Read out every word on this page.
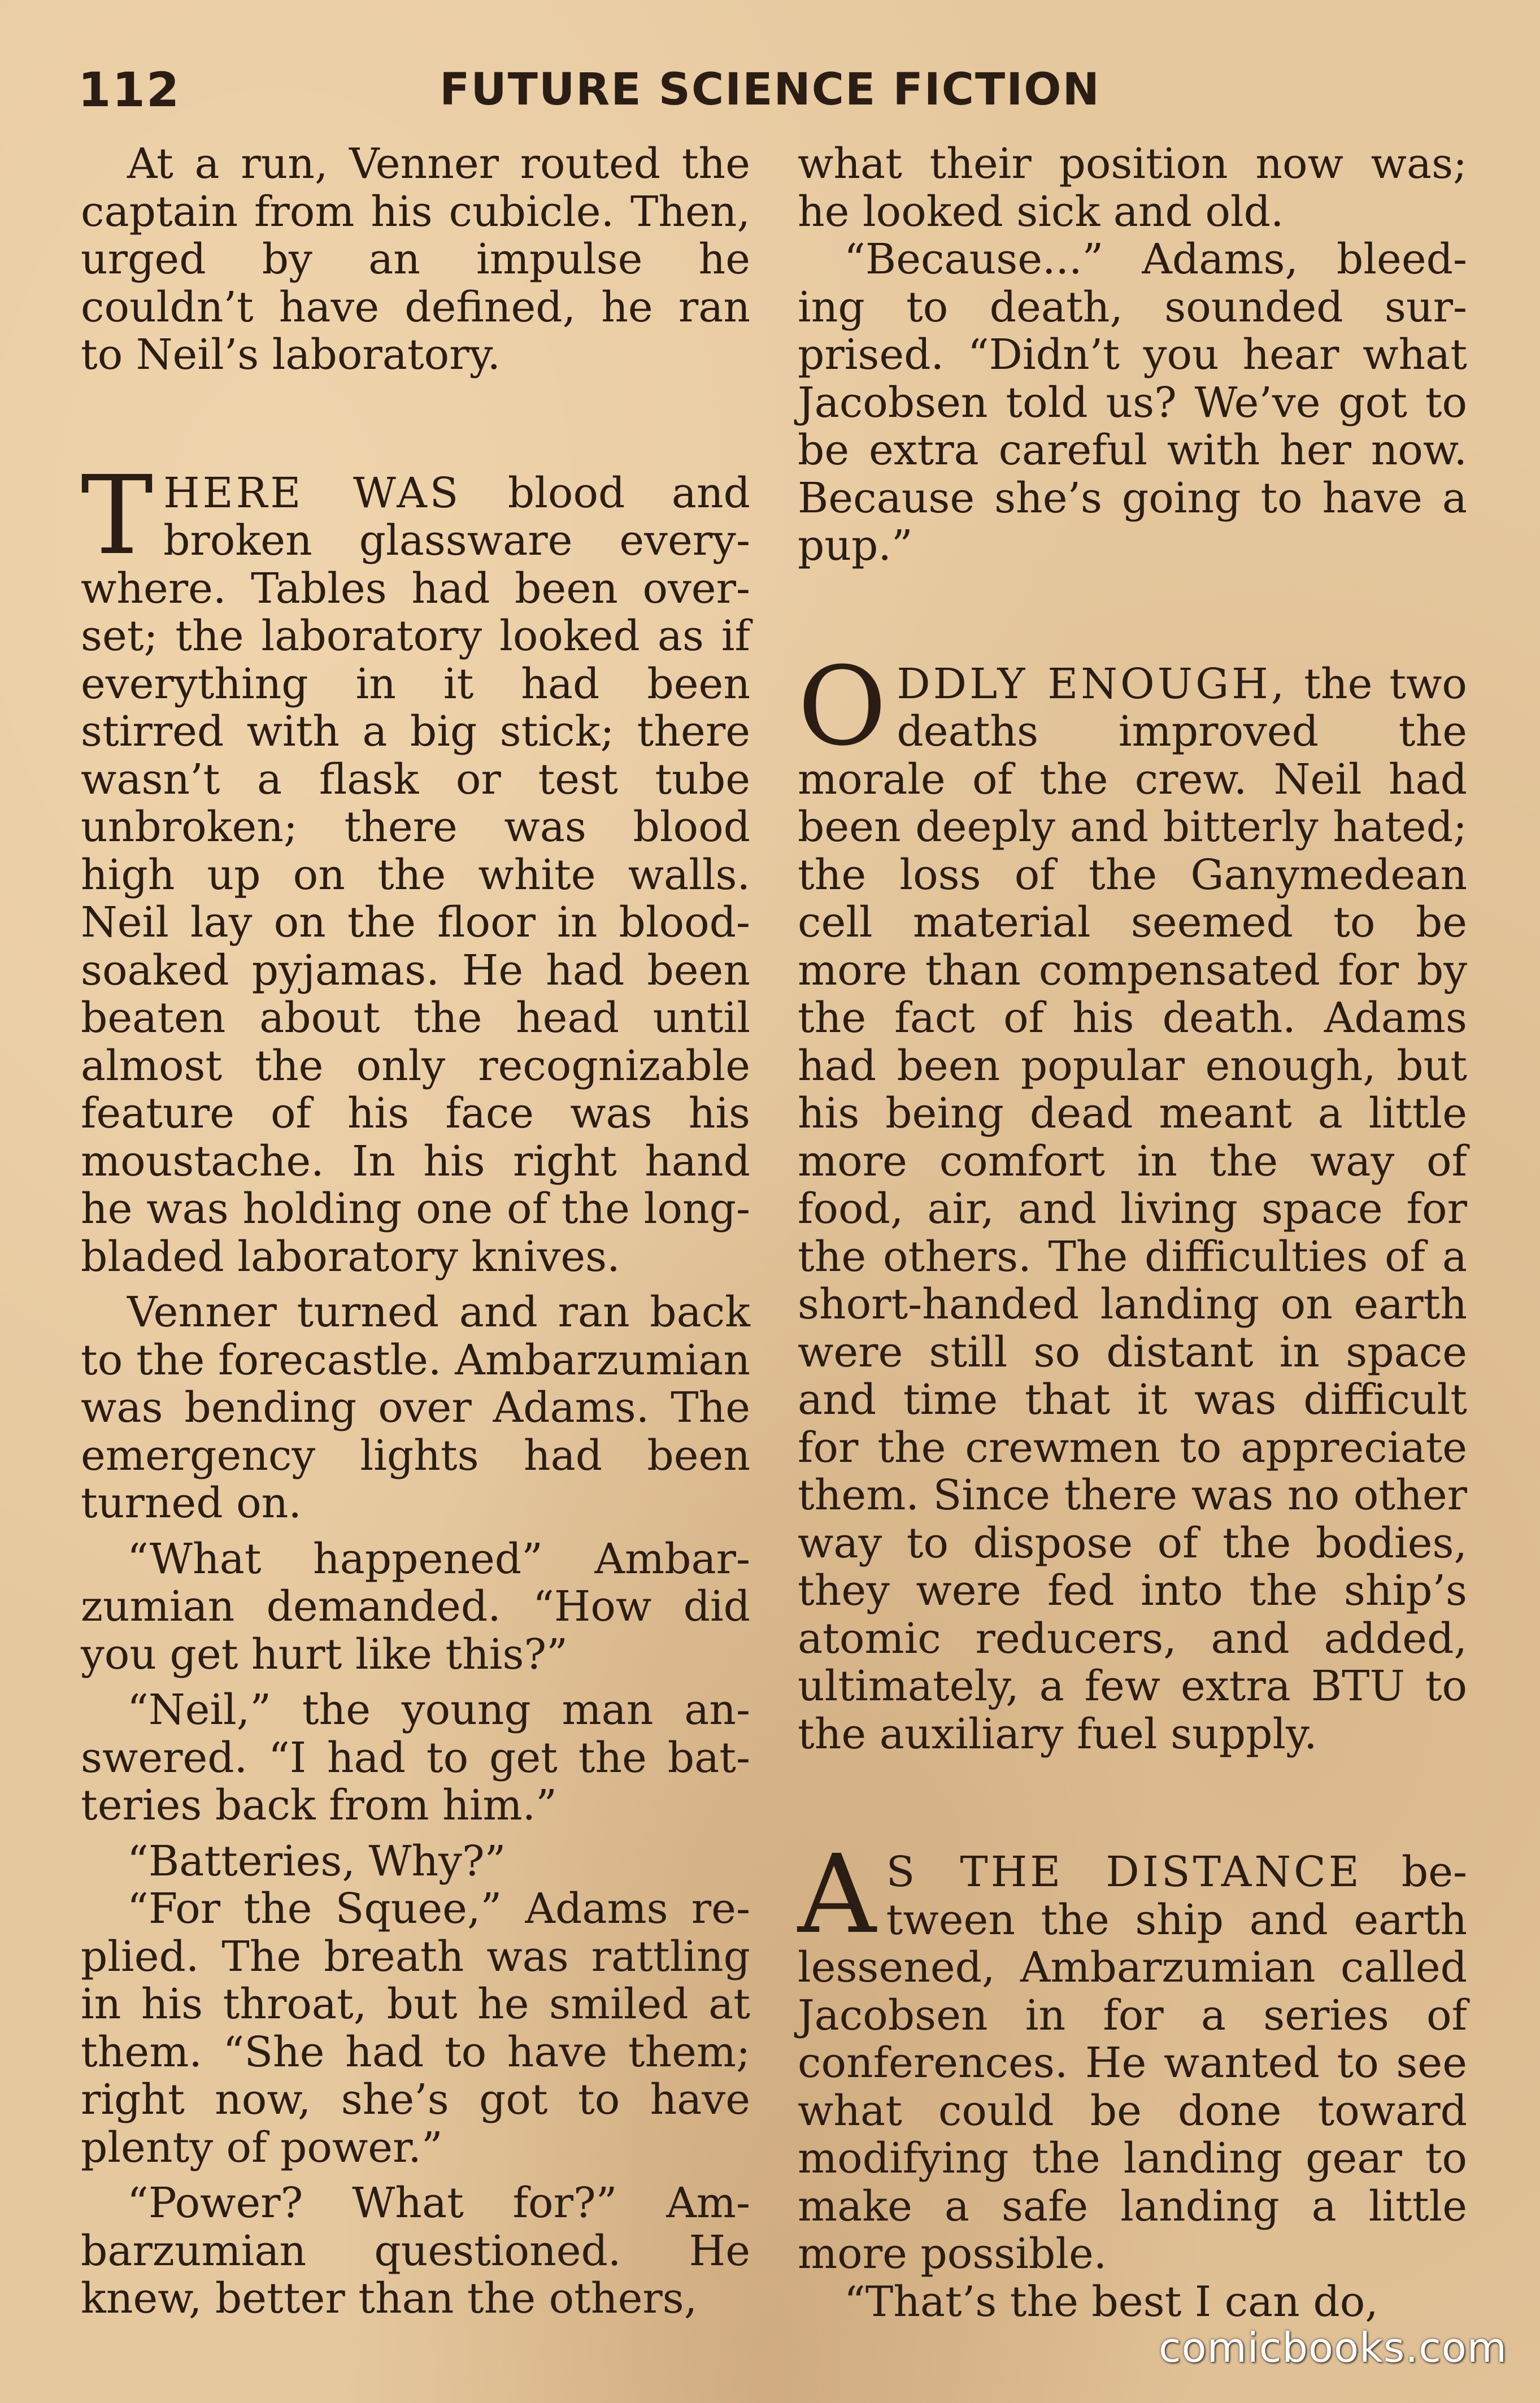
112	FUTURE SCIENCE FICTION

At a run, Venner routed the captain from his cubicle. Then, urged by an impulse he couldn’t have defined, he ran to Neil’s laboratory.

THERE WAS blood and broken glassware everywhere. Tables had been overset; the laboratory looked as if everything in it had been stirred with a big stick; there wasn’t a flask or test tube unbroken; there was blood high up on the white walls. Neil lay on the floor in blood-soaked pyjamas. He had been beaten about the head until almost the only recognizable feature of his face was his moustache. In his right hand he was holding one of the long-bladed laboratory knives.

Venner turned and ran back to the forecastle. Ambarzumian was bending over Adams. The emergency lights had been turned on.

“What happened” Ambarzumian demanded. “How did you get hurt like this?”

“Neil,” the young man answered. “I had to get the batteries back from him.”

“Batteries, Why?”

“For the Squee,” Adams replied. The breath was rattling in his throat, but he smiled at them. “She had to have them; right now, she’s got to have plenty of power.”

“Power? What for?” Ambarzumian questioned. He knew, better than the others,

what their position now was; he looked sick and old.

“Because...” Adams, bleeding to death, sounded surprised. “Didn’t you hear what Jacobsen told us? We’ve got to be extra careful with her now. Because she’s going to have a pup.”

ODDLY ENOUGH, the two deaths improved the morale of the crew. Neil had been deeply and bitterly hated; the loss of the Ganymedean cell material seemed to be more than compensated for by the fact of his death. Adams had been popular enough, but his being dead meant a little more comfort in the way of food, air, and living space for the others. The difficulties of a short-handed landing on earth were still so distant in space and time that it was difficult for the crewmen to appreciate them. Since there was no other way to dispose of the bodies, they were fed into the ship’s atomic reducers, and added, ultimately, a few extra BTU to the auxiliary fuel supply.

A S THE DISTANCE between the ship and earth lessened, Ambarzumian called Jacobsen in for a series of conferences. He wanted to see what could be done toward modifying the landing gear to make a safe landing a little more possible.

“That’s the best I can do,

comicbooks.com
